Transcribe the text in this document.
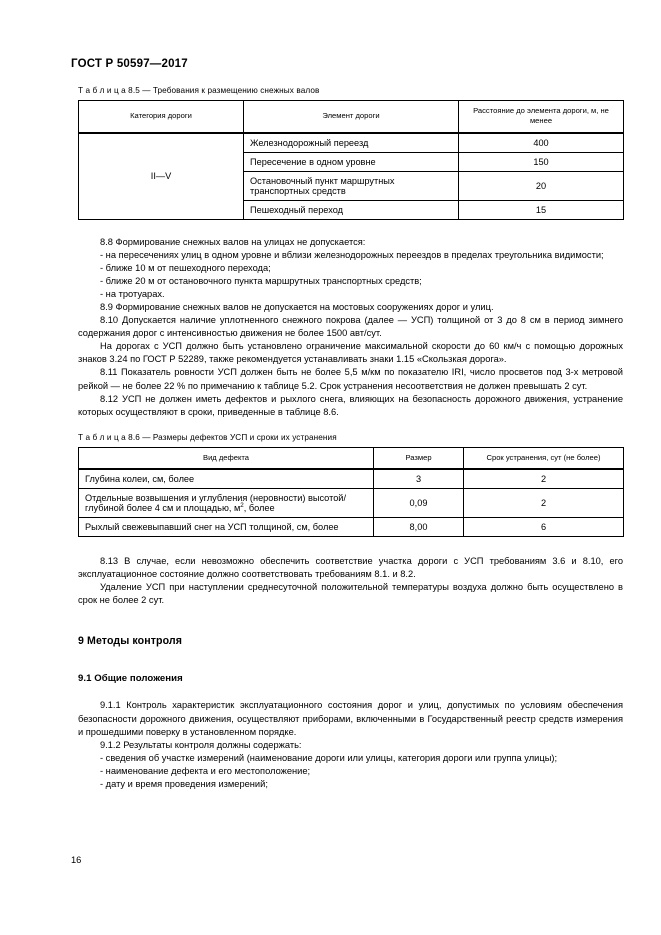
ГОСТ Р 50597—2017
Т а б л и ц а 8.5 — Требования к размещению снежных валов
Категория дороги	Элемент дороги	Расстояние до элемента дороги, м, не менее
II—V	Железнодорожный переезд	400
	Пересечение в одном уровне	150
	Остановочный пункт маршрутных транспортных средств	20
	Пешеходный переход	15

8.8 Формирование снежных валов на улицах не допускается:

- на пересечениях улиц в одном уровне и вблизи железнодорожных переездов в пределах треугольника видимости;

- ближе 10 м от пешеходного перехода;

- ближе 20 м от остановочного пункта маршрутных транспортных средств;

- на тротуарах.

8.9 Формирование снежных валов не допускается на мостовых сооружениях дорог и улиц.

8.10 Допускается наличие уплотненного снежного покрова (далее — УСП) толщиной от 3 до 8 см в период зимнего содержания дорог с интенсивностью движения не более 1500 авт/сут.

На дорогах с УСП должно быть установлено ограничение максимальной скорости до 60 км/ч с помощью дорожных знаков 3.24 по ГОСТ Р 52289, также рекомендуется устанавливать знаки 1.15 «Скользкая дорога».

8.11 Показатель ровности УСП должен быть не более 5,5 м/км по показателю IRI, число просветов под 3-х метровой рейкой — не более 22 % по примечанию к таблице 5.2. Срок устранения несоответствия не должен превышать 2 сут.

8.12 УСП не должен иметь дефектов и рыхлого снега, влияющих на безопасность дорожного движения, устранение которых осуществляют в сроки, приведенные в таблице 8.6.

Т а б л и ц а 8.6 — Размеры дефектов УСП и сроки их устранения
Вид дефекта	Размер	Срок устранения, сут (не более)
Глубина колеи, см, более	3	2
Отдельные возвышения и углубления (неровности) высотой/ глубиной более 4 см и площадью, $м^2$, более	0,09	2
Рыхлый свежевыпавший снег на УСП толщиной, см, более	8,00	6

8.13 В случае, если невозможно обеспечить соответствие участка дороги с УСП требованиям 3.6 и 8.10, его эксплуатационное состояние должно соответствовать требованиям 8.1. и 8.2.

Удаление УСП при наступлении среднесуточной положительной температуры воздуха должно быть осуществлено в срок не более 2 сут.

9 Методы контроля
9.1 Общие положения

9.1.1 Контроль характеристик эксплуатационного состояния дорог и улиц, допустимых по условиям обеспечения безопасности дорожного движения, осуществляют приборами, включенными в Государственный реестр средств измерения и прошедшими поверку в установленном порядке.

9.1.2 Результаты контроля должны содержать:

- сведения об участке измерений (наименование дороги или улицы, категория дороги или группа улицы);

- наименование дефекта и его местоположение;

- дату и время проведения измерений;

16
